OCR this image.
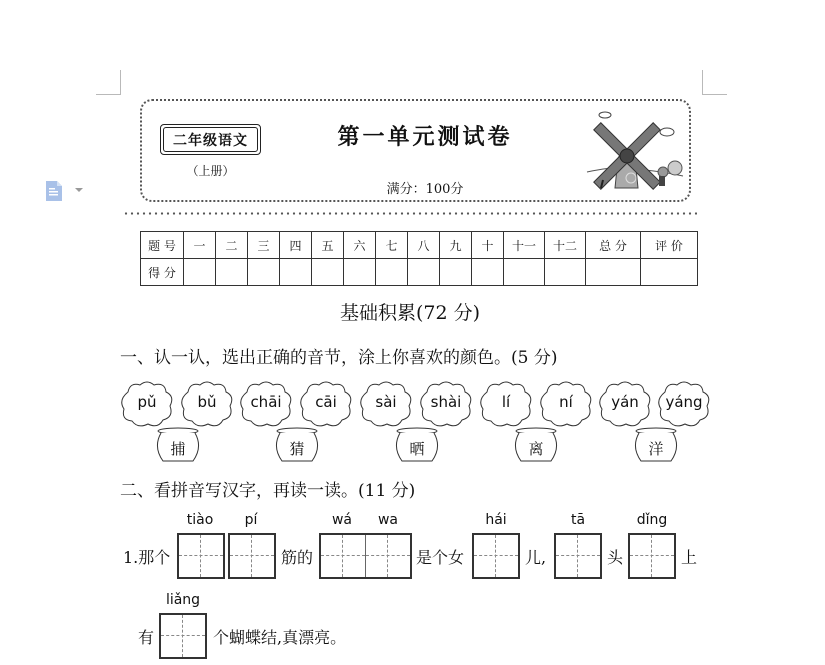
二年级语文
（上册）
第一单元测试卷
满分：100分
题 号	一	二	三	四	五	六	七	八	九	十	十一	十二	总 分	评 价
得 分														
基础积累(72 分)
一、认一认，选出正确的音节，涂上你喜欢的颜色。(5 分)
pǔ	bǔ
捕
chāi	cāi
猜
sài	shài
晒
lí	ní
离
yán	yáng
洋
二、看拼音写汉字，再读一读。(11 分)
1.那个
tiào	pí
筋的
wá	wa
是个女
hái
儿,
tā
头
dǐng
上
有
liǎng
个蝴蝶结,真漂亮。
